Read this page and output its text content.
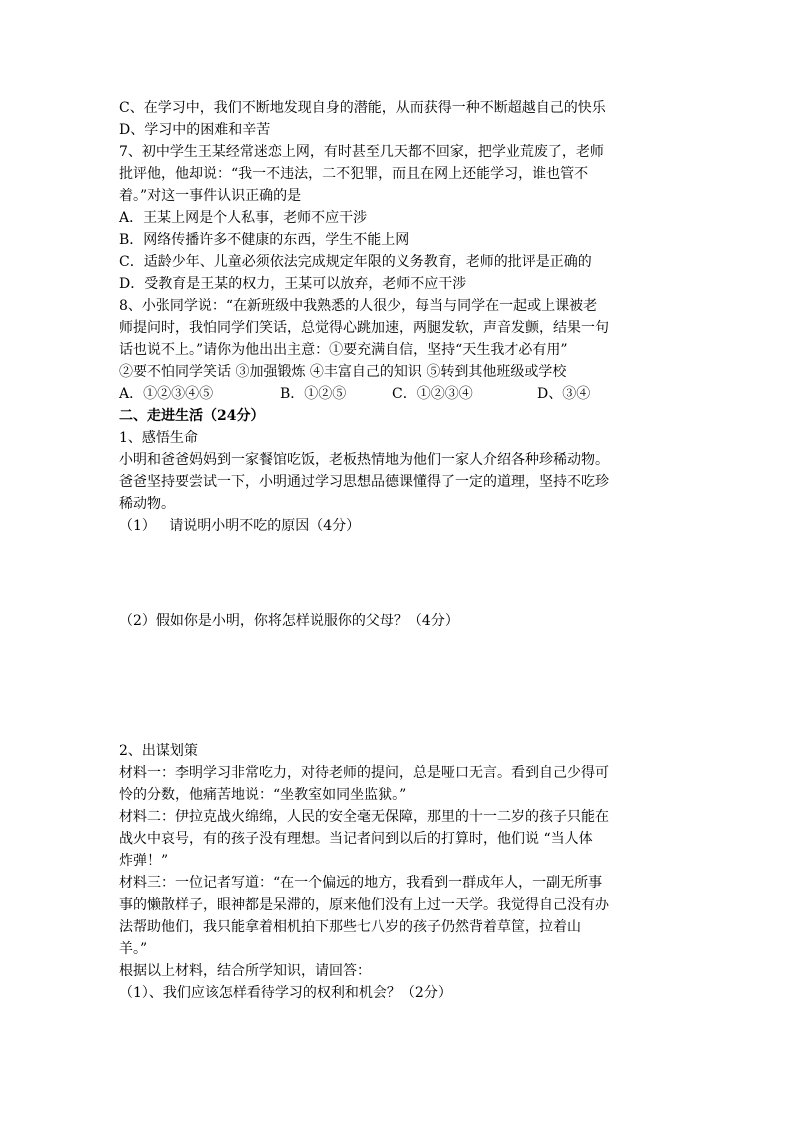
C、在学习中，我们不断地发现自身的潜能，从而获得一种不断超越自己的快乐
D、学习中的困难和辛苦
7、初中学生王某经常迷恋上网，有时甚至几天都不回家，把学业荒废了，老师
批评他，他却说：“我一不违法，二不犯罪，而且在网上还能学习，谁也管不
着。”对这一事件认识正确的是
A．王某上网是个人私事，老师不应干涉
B．网络传播许多不健康的东西，学生不能上网
C．适龄少年、儿童必须依法完成规定年限的义务教育，老师的批评是正确的
D．受教育是王某的权力，王某可以放弃，老师不应干涉
8、小张同学说：“在新班级中我熟悉的人很少，每当与同学在一起或上课被老
师提问时，我怕同学们笑话，总觉得心跳加速，两腿发软，声音发颤，结果一句
话也说不上。”请你为他出出主意：①要充满自信，坚持“天生我才必有用”
②要不怕同学笑话 ③加强锻炼 ④丰富自己的知识 ⑤转到其他班级或学校
A．①②③④⑤	B．①②⑤	C．①②③④	D、③④
二、走进生活（24分）
1、感悟生命
小明和爸爸妈妈到一家餐馆吃饭，老板热情地为他们一家人介绍各种珍稀动物。
爸爸坚持要尝试一下，小明通过学习思想品德课懂得了一定的道理，坚持不吃珍
稀动物。
（1）   请说明小明不吃的原因（4分）
（2）假如你是小明，你将怎样说服你的父母？（4分）
2、出谋划策
材料一：李明学习非常吃力，对待老师的提问，总是哑口无言。看到自己少得可
怜的分数，他痛苦地说：“坐教室如同坐监狱。”
材料二：伊拉克战火绵绵，人民的安全毫无保障，那里的十一二岁的孩子只能在
战火中哀号，有的孩子没有理想。当记者问到以后的打算时，他们说 “当人体
炸弹！”
材料三：一位记者写道：“在一个偏远的地方，我看到一群成年人，一副无所事
事的懒散样子，眼神都是呆滞的，原来他们没有上过一天学。我觉得自己没有办
法帮助他们，我只能拿着相机拍下那些七八岁的孩子仍然背着草筐，拉着山
羊。”
根据以上材料，结合所学知识，请回答：
（1）、我们应该怎样看待学习的权利和机会？（2分）
